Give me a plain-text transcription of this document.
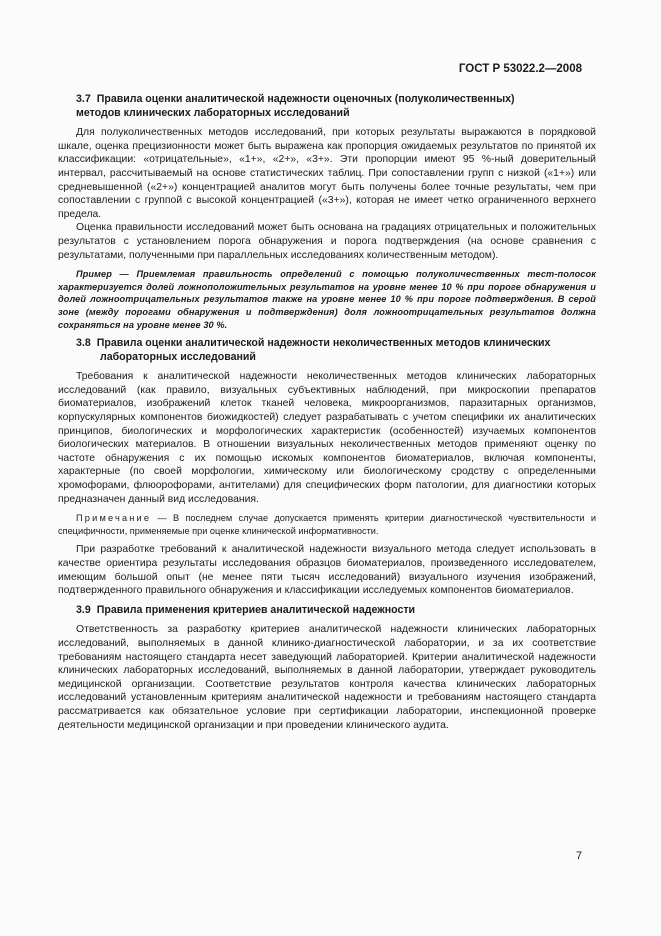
ГОСТ Р 53022.2—2008
3.7 Правила оценки аналитической надежности оценочных (полуколичественных)
методов клинических лабораторных исследований

Для полуколичественных методов исследований, при которых результаты выражаются в порядковой шкале, оценка прецизионности может быть выражена как пропорция ожидаемых результатов по принятой их классификации: «отрицательные», «1+», «2+», «3+». Эти пропорции имеют 95 %-ный доверительный интервал, рассчитываемый на основе статистических таблиц. При сопоставлении групп с низкой («1+») или средневышенной («2+») концентрацией аналитов могут быть получены более точные результаты, чем при сопоставлении с группой с высокой концентрацией («3+»), которая не имеет четко ограниченного верхнего предела.

Оценка правильности исследований может быть основана на градациях отрицательных и положительных результатов с установлением порога обнаружения и порога подтверждения (на основе сравнения c результатами, полученными при параллельных исследованиях количественным методом).

Пример — Приемлемая правильность определений с помощью полуколичественных тест-полосок характеризуется долей ложноположительных результатов на уровне менее 10 % при пороге обнаружения и долей ложноотрицательных результатов также на уровне менее 10 % при пороге подтверждения. В серой зоне (между порогами обнаружения и подтверждения) доля ложноотрицательных результатов должна сохраняться на уровне менее 30 %.

3.8 Правила оценки аналитической надежности неколичественных методов клинических
лабораторных исследований

Требования к аналитической надежности неколичественных методов клинических лабораторных исследований (как правило, визуальных субъективных наблюдений, при микроскопии препаратов биоматериалов, изображений клеток тканей человека, микроорганизмов, паразитарных организмов, корпускулярных компонентов биожидкостей) следует разрабатывать с учетом специфики их аналитических принципов, биологических и морфологических характеристик (особенностей) изучаемых компонентов биологических материалов. В отношении визуальных неколичественных методов применяют оценку по частоте обнаружения с их помощью искомых компонентов биоматериалов, включая компоненты, характерные (по своей морфологии, химическому или биологическому сродству с определенными хромофорами, флюорофорами, антителами) для специфических форм патологии, для диагностики которых предназначен данный вид исследования.

Примечание — В последнем случае допускается применять критерии диагностической чувствительности и специфичности, применяемые при оценке клинической информативности.

При разработке требований к аналитической надежности визуального метода следует использовать в качестве ориентира результаты исследования образцов биоматериалов, произведенного исследователем, имеющим большой опыт (не менее пяти тысяч исследований) визуального изучения изображений, подтвержденного правильного обнаружения и классификации исследуемых компонентов биоматериалов.

3.9 Правила применения критериев аналитической надежности

Ответственность за разработку критериев аналитической надежности клинических лабораторных исследований, выполняемых в данной клинико-диагностической лаборатории, и за их соответствие требованиям настоящего стандарта несет заведующий лабораторией. Критерии аналитической надежности клинических лабораторных исследований, выполняемых в данной лаборатории, утверждает руководитель медицинской организации. Соответствие результатов контроля качества клинических лабораторных исследований установленным критериям аналитической надежности и требованиям настоящего стандарта рассматривается как обязательное условие при сертификации лаборатории, инспекционной проверке деятельности медицинской организации и при проведении клинического аудита.

7
